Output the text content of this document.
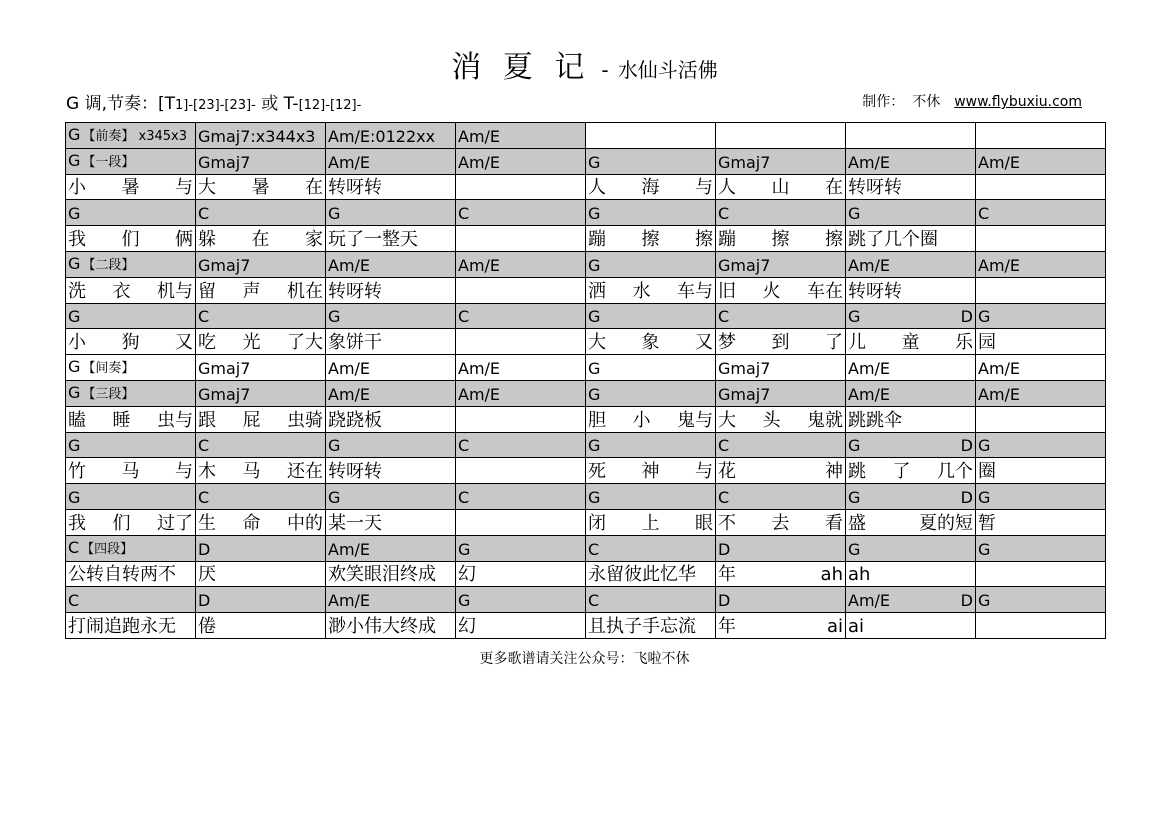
消 夏 记 - 水仙斗活佛
G 调,节奏：[T1]-[23]-[23]- 或 T-[12]-[12]-	制作： 不休 www.flybuxiu.com
G 【前奏】 x345x3	Gmaj7:x344x3	Am/E:0122xx	Am/E				
G 【一段】	Gmaj7	Am/E	Am/E	G	Gmaj7	Am/E	Am/E

小 暑 与	大 暑 在	转呀转		人 海 与	人 山 在	转呀转	
G	C	G	C	G	C	G	C

我 们 俩	躲 在 家	玩了一整天		蹦 擦 擦	蹦 擦 擦	跳了几个圈	
G 【二段】	Gmaj7	Am/E	Am/E	G	Gmaj7	Am/E	Am/E

洗 衣 机与	留 声 机在	转呀转		洒 水 车与	旧 火 车在	转呀转	
G	C	G	C	G	C	G D	G

小 狗 又	吃 光 了大	象饼干		大 象 又	梦 到 了	儿 童 乐	园
G 【间奏】	Gmaj7	Am/E	Am/E	G	Gmaj7	Am/E	Am/E
G 【三段】	Gmaj7	Am/E	Am/E	G	Gmaj7	Am/E	Am/E

瞌 睡 虫与	跟 屁 虫骑	跷跷板		胆 小 鬼与	大 头 鬼就	跳跳伞	
G	C	G	C	G	C	G D	G

竹 马 与	木 马 还在	转呀转		死 神 与	花 神	跳 了 几个	圈
G	C	G	C	G	C	G D	G

我 们 过了	生 命 中的	某一天		闭 上 眼	不 去 看	盛 夏的短	暂
C 【四段】	D	Am/E	G	C	D	G	G
公转自转两不	厌	欢笑眼泪终成	幻	永留彼此忆华	年 ah	ah	
C	D	Am/E	G	C	D	Am/E D	G
打闹追跑永无	倦	渺小伟大终成	幻	且执子手忘流	年 ai	ai	
更多歌谱请关注公众号：飞啦不休
